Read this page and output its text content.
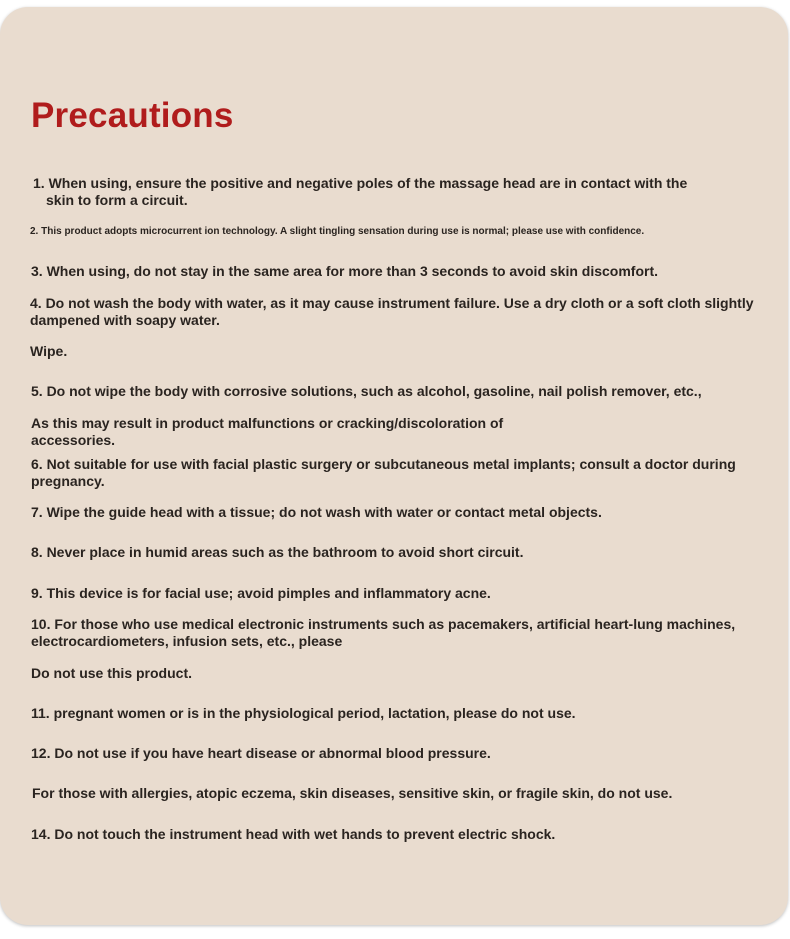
Precautions
1. When using, ensure the positive and negative poles of the massage head are in contact with the
skin to form a circuit.
2. This product adopts microcurrent ion technology. A slight tingling sensation during use is normal; please use with confidence.
3. When using, do not stay in the same area for more than 3 seconds to avoid skin discomfort.
4. Do not wash the body with water, as it may cause instrument failure. Use a dry cloth or a soft cloth slightly
dampened with soapy water.
Wipe.
5. Do not wipe the body with corrosive solutions, such as alcohol, gasoline, nail polish remover, etc.,
As this may result in product malfunctions or cracking/discoloration of
accessories.
6. Not suitable for use with facial plastic surgery or subcutaneous metal implants; consult a doctor during
pregnancy.
7. Wipe the guide head with a tissue; do not wash with water or contact metal objects.
8. Never place in humid areas such as the bathroom to avoid short circuit.
9. This device is for facial use; avoid pimples and inflammatory acne.
10. For those who use medical electronic instruments such as pacemakers, artificial heart-lung machines,
electrocardiometers, infusion sets, etc., please
Do not use this product.
11. pregnant women or is in the physiological period, lactation, please do not use.
12. Do not use if you have heart disease or abnormal blood pressure.
For those with allergies, atopic eczema, skin diseases, sensitive skin, or fragile skin, do not use.
14. Do not touch the instrument head with wet hands to prevent electric shock.
